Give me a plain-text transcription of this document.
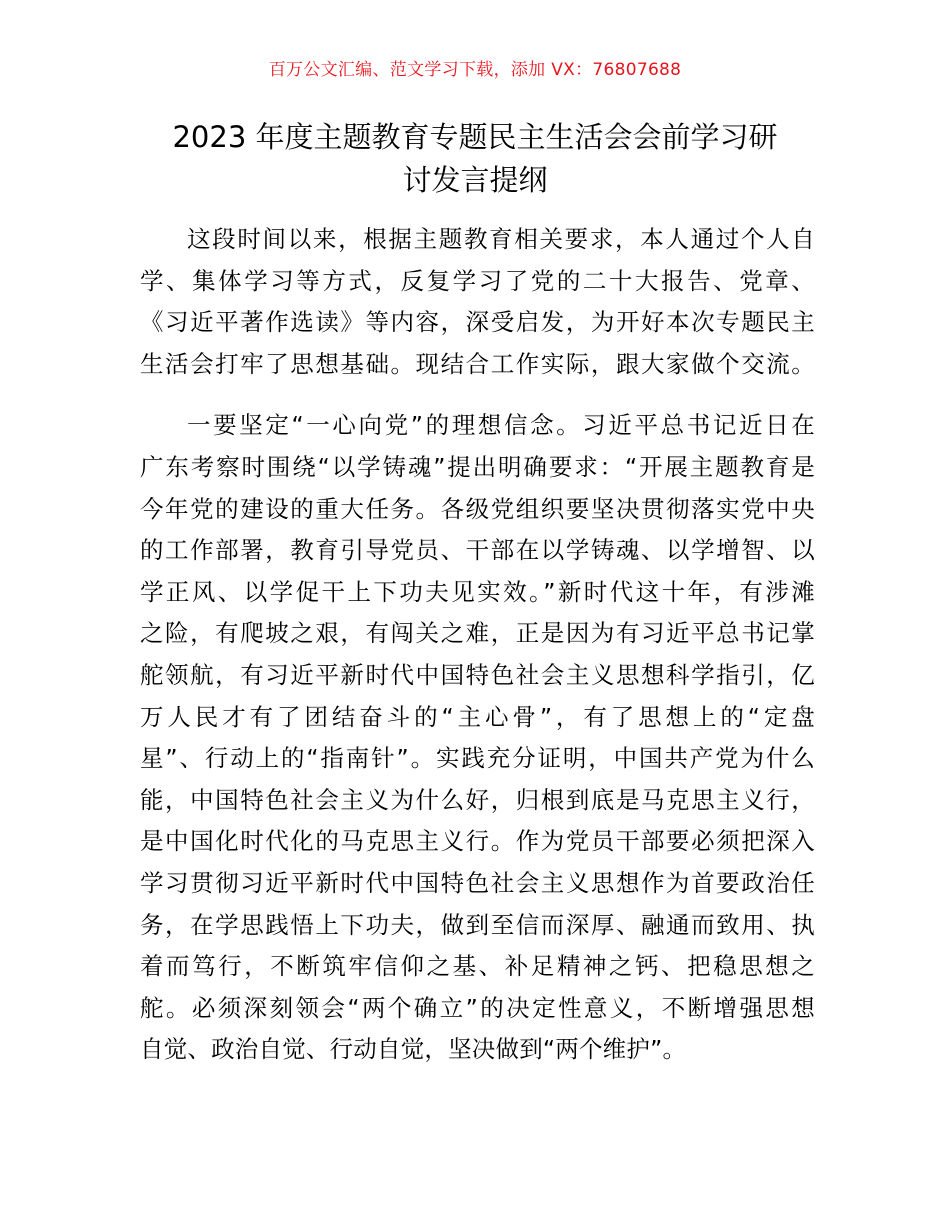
百万公文汇编、范文学习下载，添加 VX：76807688
2023 年度主题教育专题民主生活会会前学习研
讨发言提纲

这段时间以来，根据主题教育相关要求，本人通过个人自
学、集体学习等方式，反复学习了党的二十大报告、党章、
《习近平著作选读》等内容，深受启发，为开好本次专题民主
生活会打牢了思想基础。现结合工作实际，跟大家做个交流。

一要坚定“一心向党”的理想信念。习近平总书记近日在
广东考察时围绕“以学铸魂”提出明确要求：“开展主题教育是
今年党的建设的重大任务。各级党组织要坚决贯彻落实党中央
的工作部署，教育引导党员、干部在以学铸魂、以学增智、以
学正风、以学促干上下功夫见实效。”新时代这十年，有涉滩
之险，有爬坡之艰，有闯关之难，正是因为有习近平总书记掌
舵领航，有习近平新时代中国特色社会主义思想科学指引，亿
万人民才有了团结奋斗的“主心骨”，有了思想上的“定盘
星”、行动上的“指南针”。实践充分证明，中国共产党为什么
能，中国特色社会主义为什么好，归根到底是马克思主义行，
是中国化时代化的马克思主义行。作为党员干部要必须把深入
学习贯彻习近平新时代中国特色社会主义思想作为首要政治任
务，在学思践悟上下功夫，做到至信而深厚、融通而致用、执
着而笃行，不断筑牢信仰之基、补足精神之钙、把稳思想之
舵。必须深刻领会“两个确立”的决定性意义，不断增强思想
自觉、政治自觉、行动自觉，坚决做到“两个维护”。
